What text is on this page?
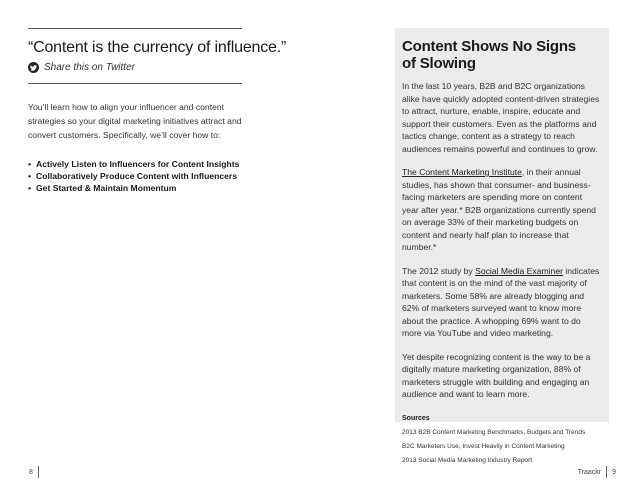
“Content is the currency of influence.”
Share this on Twitter
You’ll learn how to align your influencer and content strategies so your digital marketing initiatives attract and convert customers. Specifically, we’ll cover how to:
• Actively Listen to Influencers for Content Insights
• Collaboratively Produce Content with Influencers
• Get Started & Maintain Momentum
Content Shows No Signs
of Slowing
In the last 10 years, B2B and B2C organizations alike have quickly adopted content-driven strategies to attract, nurture, enable, inspire, educate and support their customers. Even as the platforms and tactics change, content as a strategy to reach audiences remains powerful and continues to grow.
The Content Marketing Institute, in their annual studies, has shown that consumer- and business-facing marketers are spending more on content year after year.* B2B organizations currently spend on average 33% of their marketing budgets on content and nearly half plan to increase that number.*
The 2012 study by Social Media Examiner indicates that content is on the mind of the vast majority of marketers. Some 58% are already blogging and 62% of marketers surveyed want to know more about the practice. A whopping 69% want to do more via YouTube and video marketing.
Yet despite recognizing content is the way to be a digitally mature marketing organization, 88% of marketers struggle with building and engaging an audience and want to learn more.
Sources
2013 B2B Content Marketing Benchmarks, Budgets and Trends
B2C Marketers Use, Invest Heavily in Content Marketing
2013 Social Media Marketing Industry Report
8	Traackr 9
